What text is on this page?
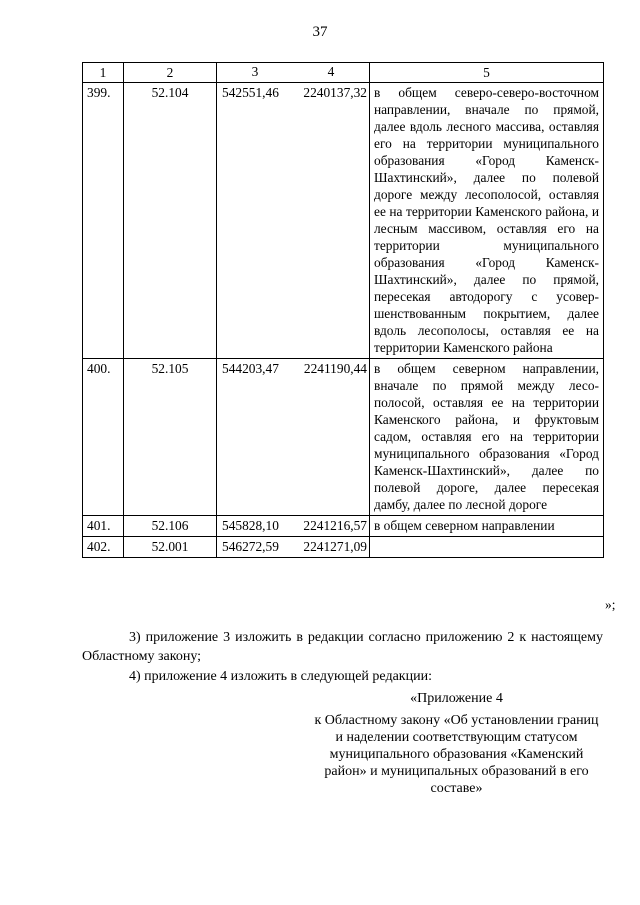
37
1	2	3 4	5
399.	52.104	542551,46 2240137,32	в общем северо-северо-восточном направлении, вначале по прямой, далее вдоль лесного массива, оставляя его на территории муниципального образования «Город Каменск-Шахтинский», далее по полевой дороге между лесополосой, оставляя ее на территории Каменского района, и лесным массивом, оставляя его на территории муниципального образования «Город Каменск-Шахтинский», далее по прямой, пересекая автодорогу с усовершенствованным покрытием, далее вдоль лесополосы, оставляя ее на территории Каменского района
400.	52.105	544203,47 2241190,44	в общем северном направлении, вначале по прямой между лесополосой, оставляя ее на территории Каменского района, и фруктовым садом, оставляя его на территории муниципального образования «Город Каменск-Шахтинский», далее по полевой дороге, далее пересекая дамбу, далее по лесной дороге
401.	52.106	545828,10 2241216,57	в общем северном направлении
402.	52.001	546272,59 2241271,09	

»;
3) приложение 3 изложить в редакции согласно приложению 2 к настоящему Областному закону;
4) приложение 4 изложить в следующей редакции:
«Приложение 4
к Областному закону «Об установлении границ и наделении соответствующим статусом муниципального образования «Каменский район» и муниципальных образований в его составе»
